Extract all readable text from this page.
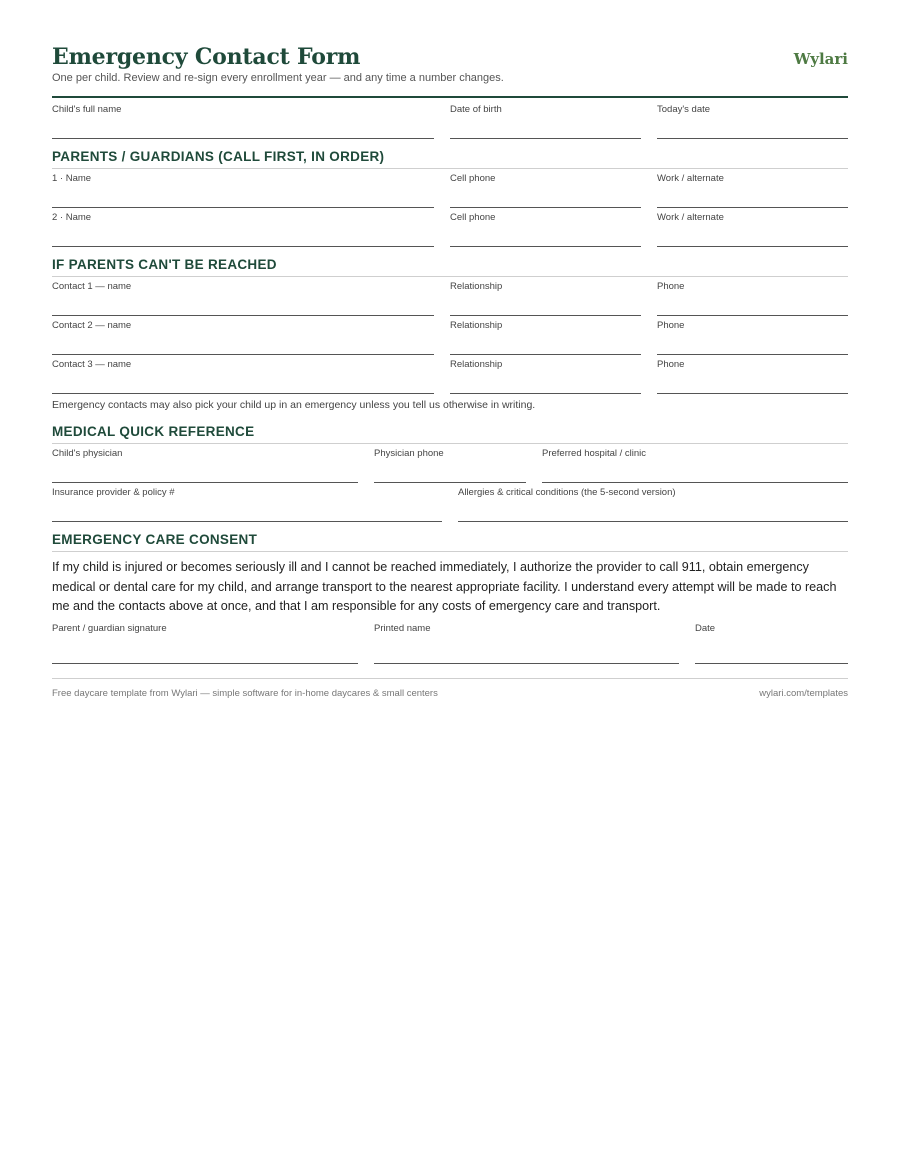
Emergency Contact Form
One per child. Review and re-sign every enrollment year — and any time a number changes.
Wylari
Child's full name	Date of birth	Today's date
PARENTS / GUARDIANS (CALL FIRST, IN ORDER)
1 · Name	Cell phone	Work / alternate
2 · Name	Cell phone	Work / alternate
IF PARENTS CAN'T BE REACHED
Contact 1 — name	Relationship	Phone
Contact 2 — name	Relationship	Phone
Contact 3 — name	Relationship	Phone
Emergency contacts may also pick your child up in an emergency unless you tell us otherwise in writing.
MEDICAL QUICK REFERENCE
Child's physician	Physician phone	Preferred hospital / clinic
Insurance provider & policy #	Allergies & critical conditions (the 5-second version)
EMERGENCY CARE CONSENT
If my child is injured or becomes seriously ill and I cannot be reached immediately, I authorize the provider to call 911, obtain emergency medical or dental care for my child, and arrange transport to the nearest appropriate facility. I understand every attempt will be made to reach me and the contacts above at once, and that I am responsible for any costs of emergency care and transport.
Parent / guardian signature	Printed name	Date
Free daycare template from Wylari — simple software for in-home daycares & small centers	wylari.com/templates
